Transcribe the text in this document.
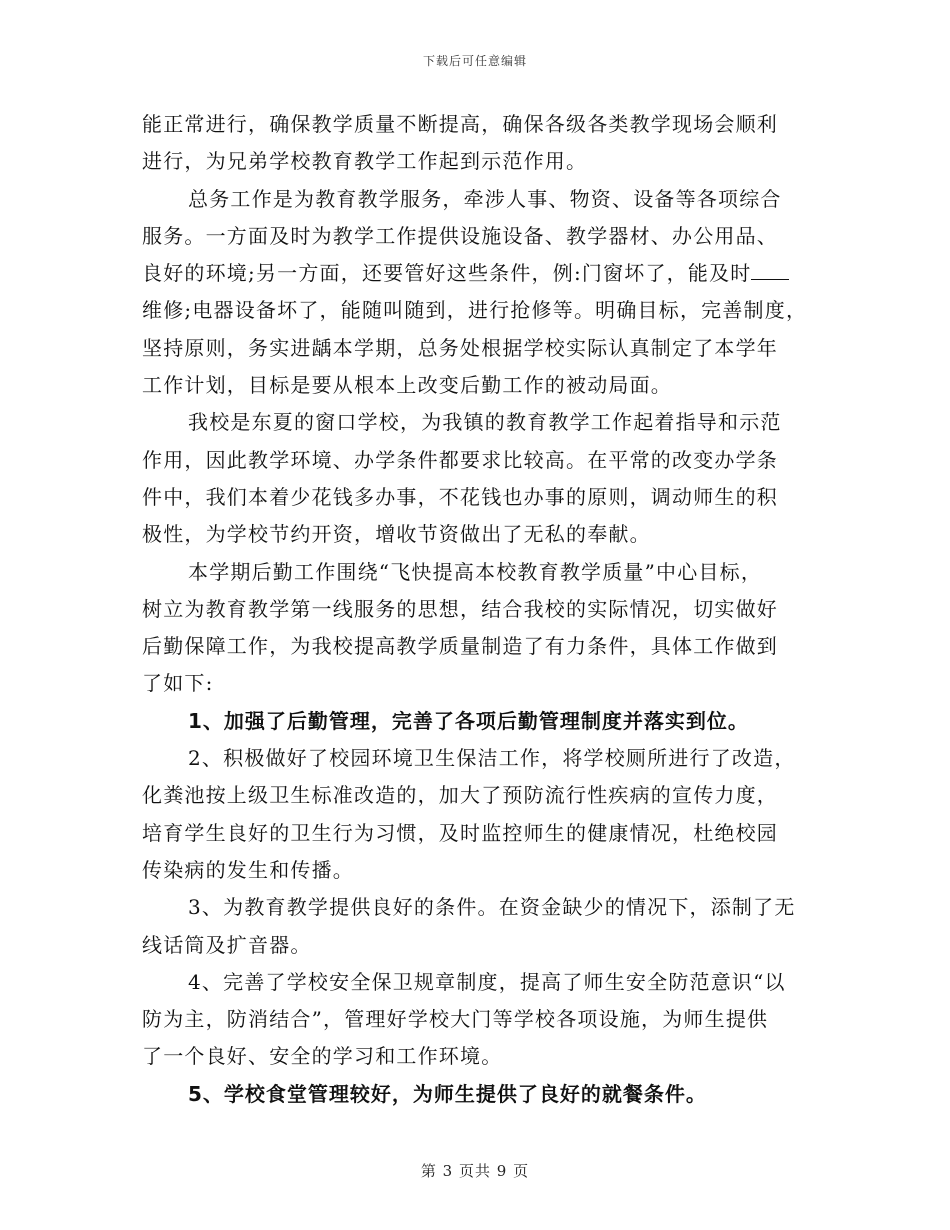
下载后可任意编辑
能正常进行，确保教学质量不断提高，确保各级各类教学现场会顺利
进行，为兄弟学校教育教学工作起到示范作用。
总务工作是为教育教学服务，牵涉人事、物资、设备等各项综合
服务。一方面及时为教学工作提供设施设备、教学器材、办公用品、
良好的环境;另一方面，还要管好这些条件，例:门窗坏了，能及时
维修;电器设备坏了，能随叫随到，进行抢修等。明确目标，完善制度，
坚持原则，务实进龋本学期，总务处根据学校实际认真制定了本学年
工作计划，目标是要从根本上改变后勤工作的被动局面。
我校是东夏的窗口学校，为我镇的教育教学工作起着指导和示范
作用，因此教学环境、办学条件都要求比较高。在平常的改变办学条
件中，我们本着少花钱多办事，不花钱也办事的原则，调动师生的积
极性，为学校节约开资，增收节资做出了无私的奉献。
本学期后勤工作围绕“飞快提高本校教育教学质量”中心目标，
树立为教育教学第一线服务的思想，结合我校的实际情况，切实做好
后勤保障工作，为我校提高教学质量制造了有力条件，具体工作做到
了如下:
1、加强了后勤管理，完善了各项后勤管理制度并落实到位。
2、积极做好了校园环境卫生保洁工作，将学校厕所进行了改造，
化粪池按上级卫生标准改造的，加大了预防流行性疾病的宣传力度，
培育学生良好的卫生行为习惯，及时监控师生的健康情况，杜绝校园
传染病的发生和传播。
3、为教育教学提供良好的条件。在资金缺少的情况下，添制了无
线话筒及扩音器。
4、完善了学校安全保卫规章制度，提高了师生安全防范意识“以
防为主，防消结合”，管理好学校大门等学校各项设施，为师生提供
了一个良好、安全的学习和工作环境。
5、学校食堂管理较好，为师生提供了良好的就餐条件。
第 3 页共 9 页
